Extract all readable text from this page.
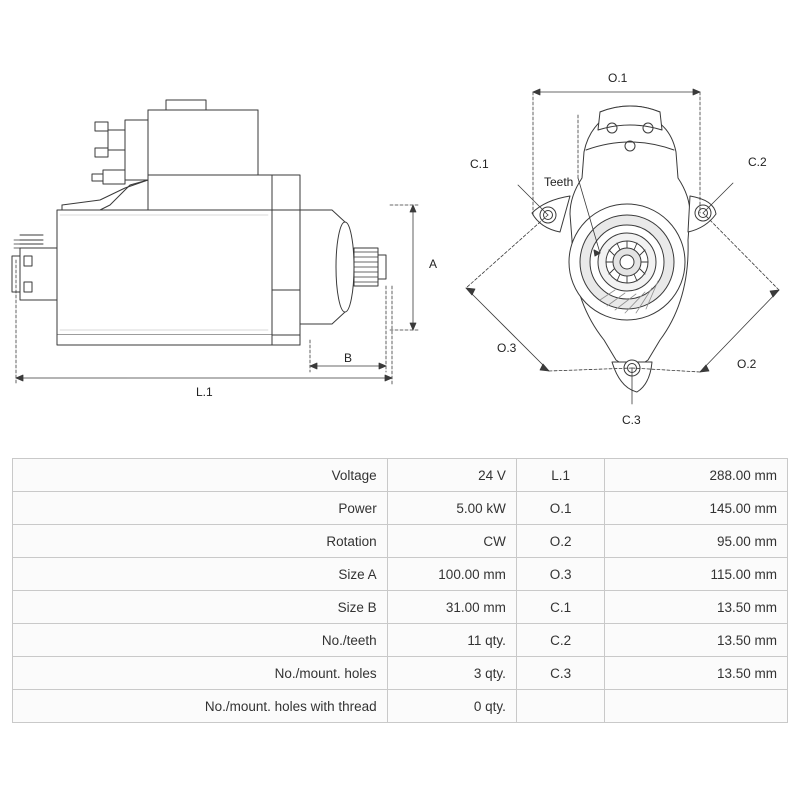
A
B
L.1
O.1
C.1	C.2
C.3
O.3
O.2
Teeth
Voltage	24 V	L.1	288.00 mm
Power	5.00 kW	O.1	145.00 mm
Rotation	CW	O.2	95.00 mm
Size A	100.00 mm	O.3	115.00 mm
Size B	31.00 mm	C.1	13.50 mm
No./teeth	11 qty.	C.2	13.50 mm
No./mount. holes	3 qty.	C.3	13.50 mm
No./mount. holes with thread	0 qty.		
